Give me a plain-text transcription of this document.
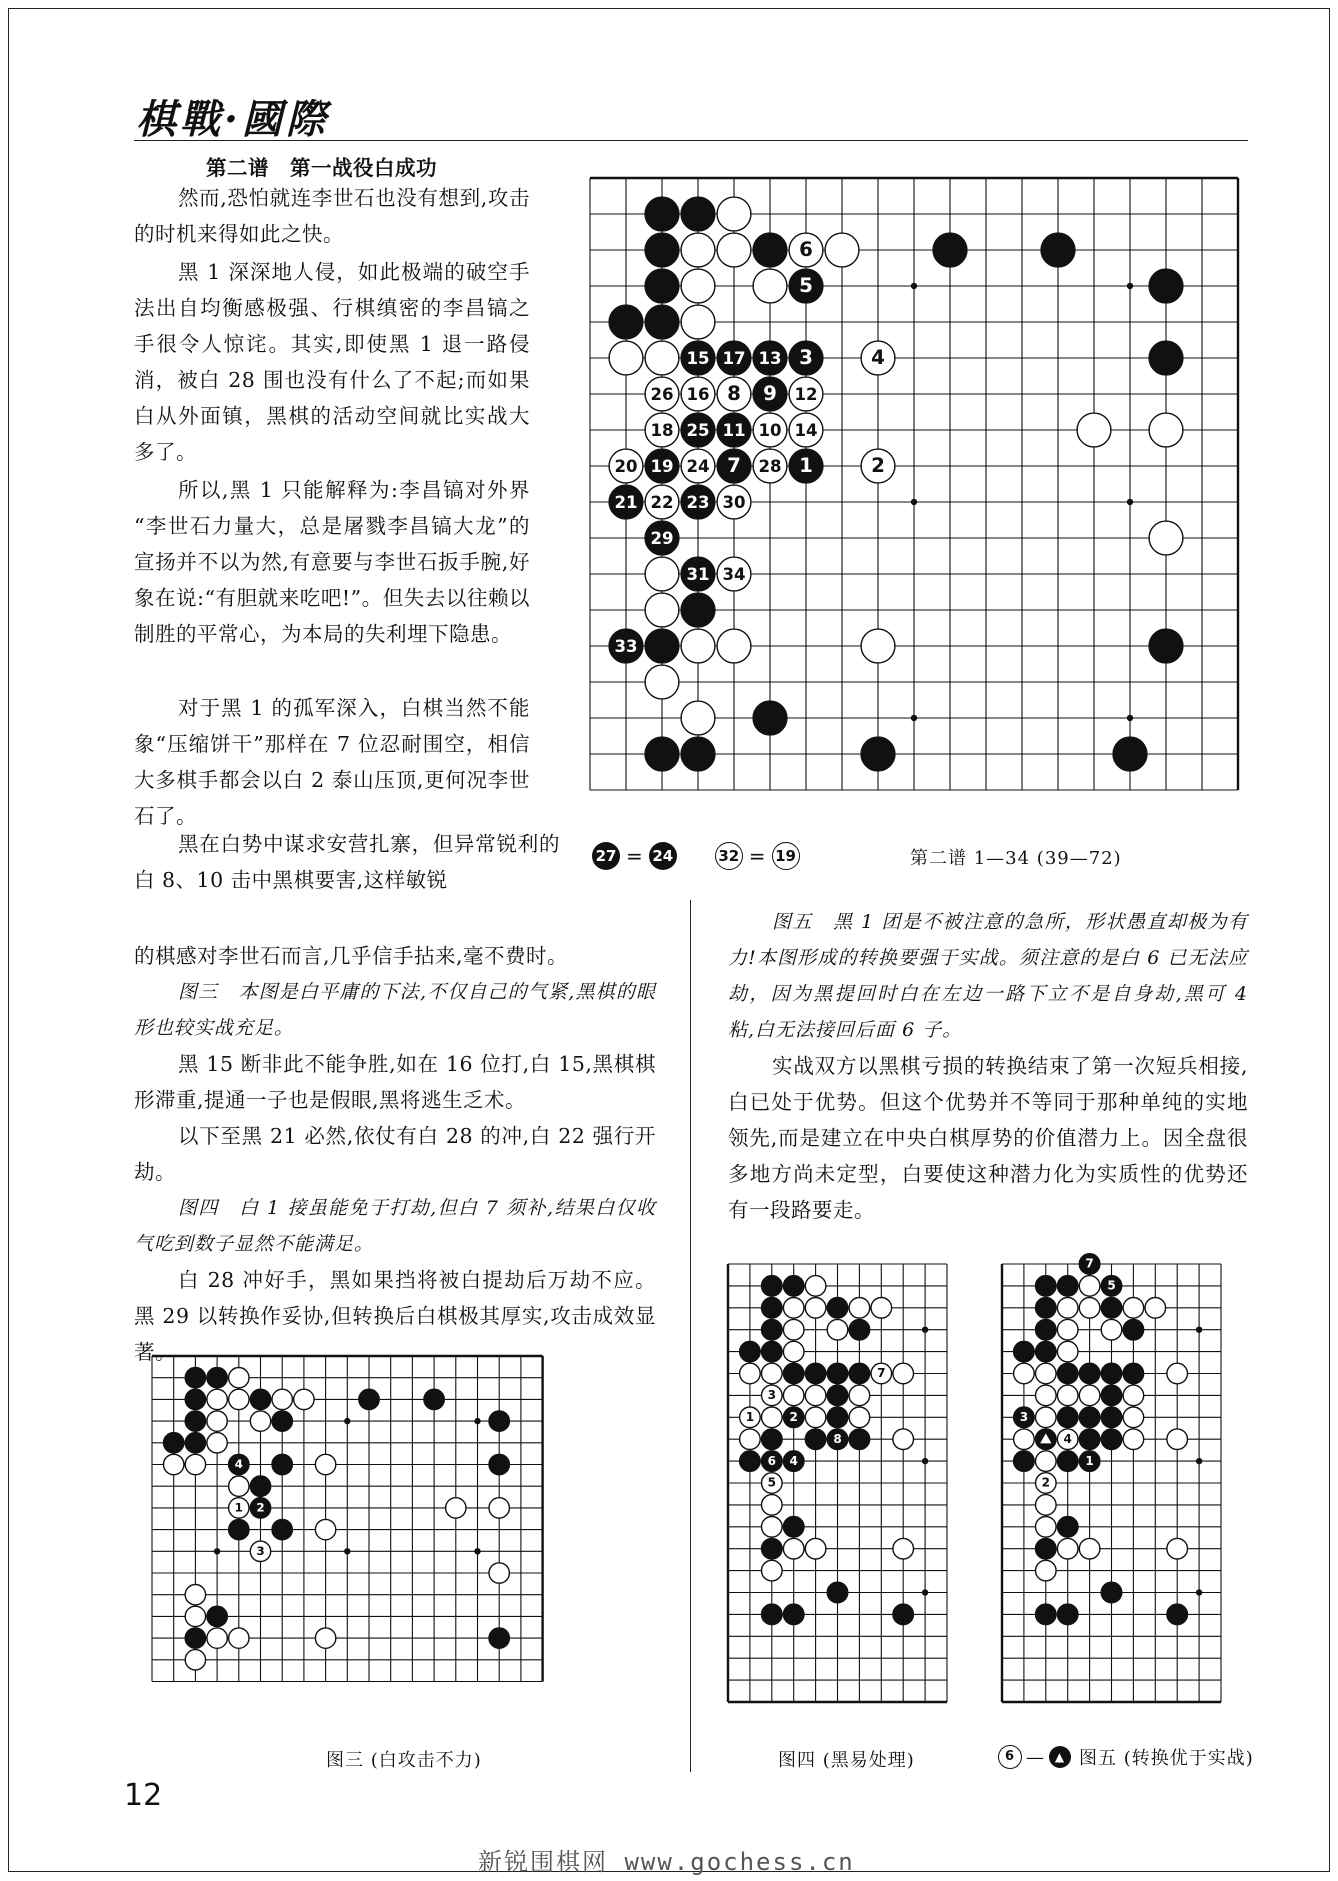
棋戰·國際
第二谱　第一战役白成功

然而,恐怕就连李世石也没有想到,攻击的时机来得如此之快。

黑 1 深深地人侵，如此极端的破空手法出自均衡感极强、行棋缜密的李昌镐之手很令人惊诧。其实,即使黑 1 退一路侵消，被白 28 围也没有什么了不起;而如果白从外面镇，黑棋的活动空间就比实战大多了。

所以,黑 1 只能解释为:李昌镐对外界 “李世石力量大，总是屠戮李昌镐大龙”的宣扬并不以为然,有意要与李世石扳手腕,好象在说:“有胆就来吃吧!”。但失去以往赖以制胜的平常心，为本局的失利埋下隐患。

对于黑 1 的孤军深入，白棋当然不能象“压缩饼干”那样在 7 位忍耐围空，相信大多棋手都会以白 2 泰山压顶,更何况李世石了。

黑在白势中谋求安营扎寨，但异常锐利的白 8、10 击中黑棋要害,这样敏锐

的棋感对李世石而言,几乎信手拈来,毫不费时。

图三　本图是白平庸的下法,不仅自己的气紧,黑棋的眼形也较实战充足。

黑 15 断非此不能争胜,如在 16 位打,白 15,黑棋棋形滞重,提通一子也是假眼,黑将逃生乏术。

以下至黑 21 必然,依仗有白 28 的冲,白 22 强行开劫。

图四　白 1 接虽能免于打劫,但白 7 须补,结果白仅收气吃到数子显然不能满足。

白 28 冲好手，黑如果挡将被白提劫后万劫不应。黑 29 以转换作妥协,但转换后白棋极其厚实,攻击成效显著。

图五　黑 1 团是不被注意的急所，形状愚直却极为有力!本图形成的转换要强于实战。须注意的是白 6 已无法应劫，因为黑提回时白在左边一路下立不是自身劫,黑可 4 粘,白无法接回后面 6 子。

实战双方以黑棋亏损的转换结束了第一次短兵相接,白已处于优势。但这个优势并不等同于那种单纯的实地领先,而是建立在中央白棋厚势的价值潜力上。因全盘很多地方尚未定型，白要使这种潜力化为实质性的优势还有一段路要走。

6
5
15 17 13 3	4
26 16 8 9 12
18 25 11 10 14
20 19 24 7 28 1	2
21 22 23 30
29
31 34
33
27 = 24	32 = 19	第二谱 1—34 (39—72)
4
1 2
3
图三 (白攻击不力)
7
3
1	2
8
6 4
5
图四 (黑易处理)
7
5
3
4
1
2
6 — ▲ 图五 (转换优于实战)
12
新锐围棋网 www.gochess.cn
